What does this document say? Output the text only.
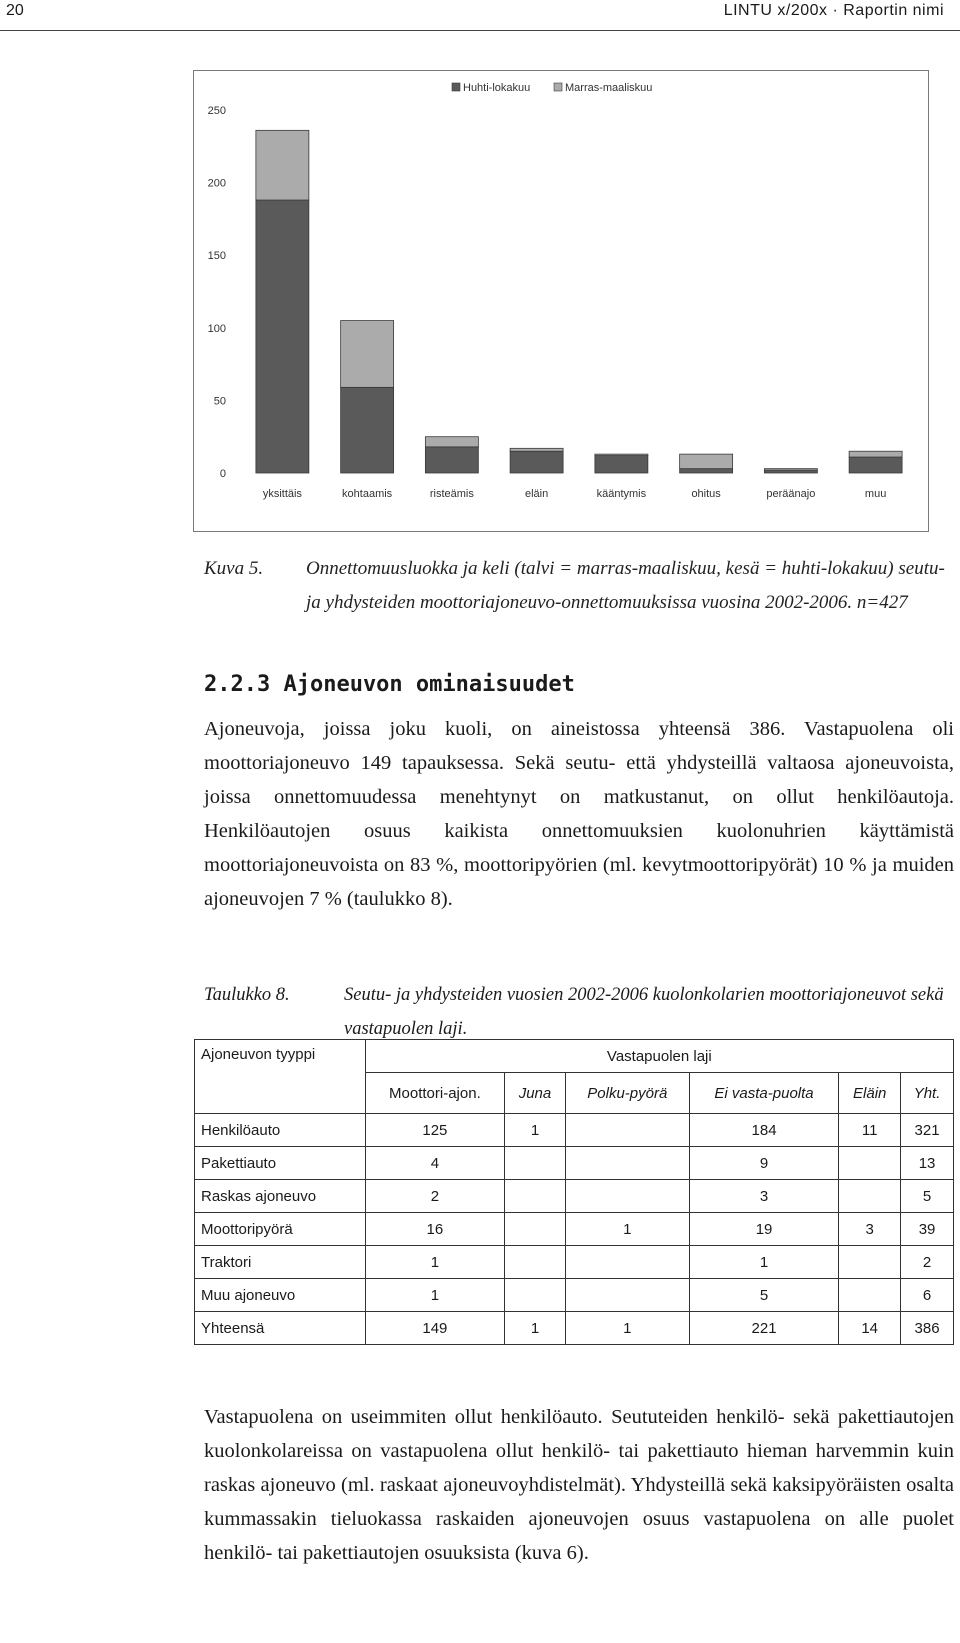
20	LINTU x/200x · Raportin nimi
0
50
100
150
200
250
yksittäis	kohtaamis	risteämis	eläin	kääntymis	ohitus	peräänajo	muu
Huhti-lokakuu	Marras-maaliskuu
Kuva 5. Onnettomuusluokka ja keli (talvi = marras-maaliskuu, kesä = huhti-lokakuu) seutu- ja yhdysteiden moottoriajoneuvo-onnettomuuksissa vuosina 2002-2006. n=427
2.2.3 Ajoneuvon ominaisuudet

Ajoneuvoja, joissa joku kuoli, on aineistossa yhteensä 386. Vastapuolena oli moottoriajoneuvo 149 tapauksessa. Sekä seutu- että yhdysteillä valtaosa ajoneuvoista, joissa onnettomuudessa menehtynyt on matkustanut, on ollut henkilöautoja. Henkilöautojen osuus kaikista onnettomuuksien kuolonuhrien käyttämistä moottoriajoneuvoista on 83 %, moottoripyörien (ml. kevytmoottoripyörät) 10 % ja muiden ajoneuvojen 7 % (taulukko 8).

Taulukko 8.	Seutu- ja yhdysteiden vuosien 2002-2006 kuolonkolarien moottoriajoneuvot sekä vastapuolen laji.
Ajoneuvon tyyppi	Vastapuolen laji					
	Moottori-ajon.	Juna	Polku-pyörä	Ei vasta-puolta	Eläin	Yht.
Henkilöauto	125	1		184	11	321
Pakettiauto	4			9		13
Raskas ajoneuvo	2			3		5
Moottoripyörä	16		1	19	3	39
Traktori	1			1		2
Muu ajoneuvo	1			5		6
Yhteensä	149	1	1	221	14	386

Vastapuolena on useimmiten ollut henkilöauto. Seututeiden henkilö- sekä pakettiautojen kuolonkolareissa on vastapuolena ollut henkilö- tai pakettiauto hieman harvemmin kuin raskas ajoneuvo (ml. raskaat ajoneuvoyhdistelmät). Yhdysteillä sekä kaksipyöräisten osalta kummassakin tieluokassa raskaiden ajoneuvojen osuus vastapuolena on alle puolet henkilö- tai pakettiautojen osuuksista (kuva 6).
